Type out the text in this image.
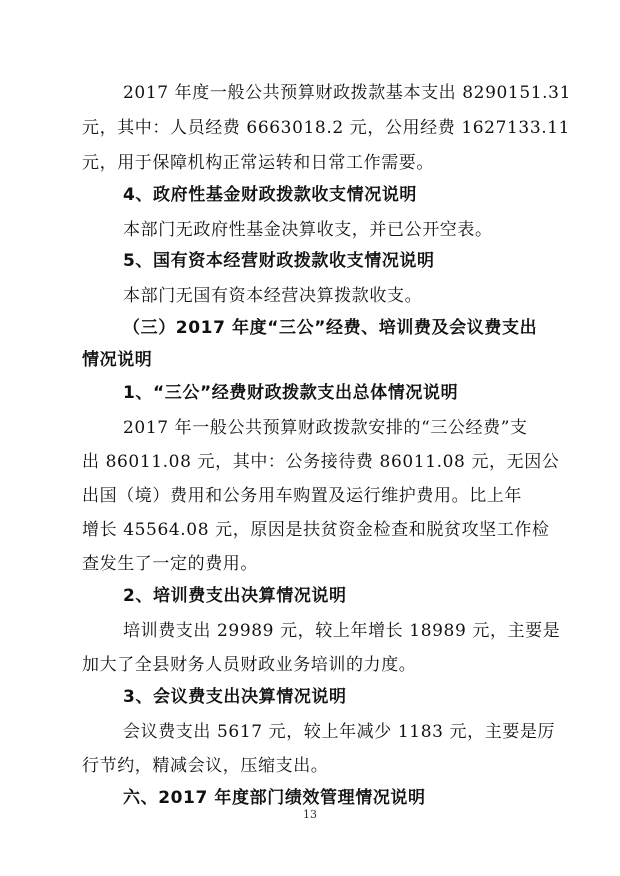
2017 年度一般公共预算财政拨款基本支出 8290151.31
元，其中：人员经费 6663018.2 元，公用经费 1627133.11
元，用于保障机构正常运转和日常工作需要。
4、政府性基金财政拨款收支情况说明
本部门无政府性基金决算收支，并已公开空表。
5、国有资本经营财政拨款收支情况说明
本部门无国有资本经营决算拨款收支。
（三）2017 年度“三公”经费、培训费及会议费支出
情况说明
1、“三公”经费财政拨款支出总体情况说明
2017 年一般公共预算财政拨款安排的“三公经费”支
出 86011.08 元，其中：公务接待费 86011.08 元，无因公
出国（境）费用和公务用车购置及运行维护费用。比上年
增长 45564.08 元，原因是扶贫资金检查和脱贫攻坚工作检
查发生了一定的费用。
2、培训费支出决算情况说明
培训费支出 29989 元，较上年增长 18989 元，主要是
加大了全县财务人员财政业务培训的力度。
3、会议费支出决算情况说明
会议费支出 5617 元，较上年减少 1183 元，主要是厉
行节约，精减会议，压缩支出。
六、2017 年度部门绩效管理情况说明
13
